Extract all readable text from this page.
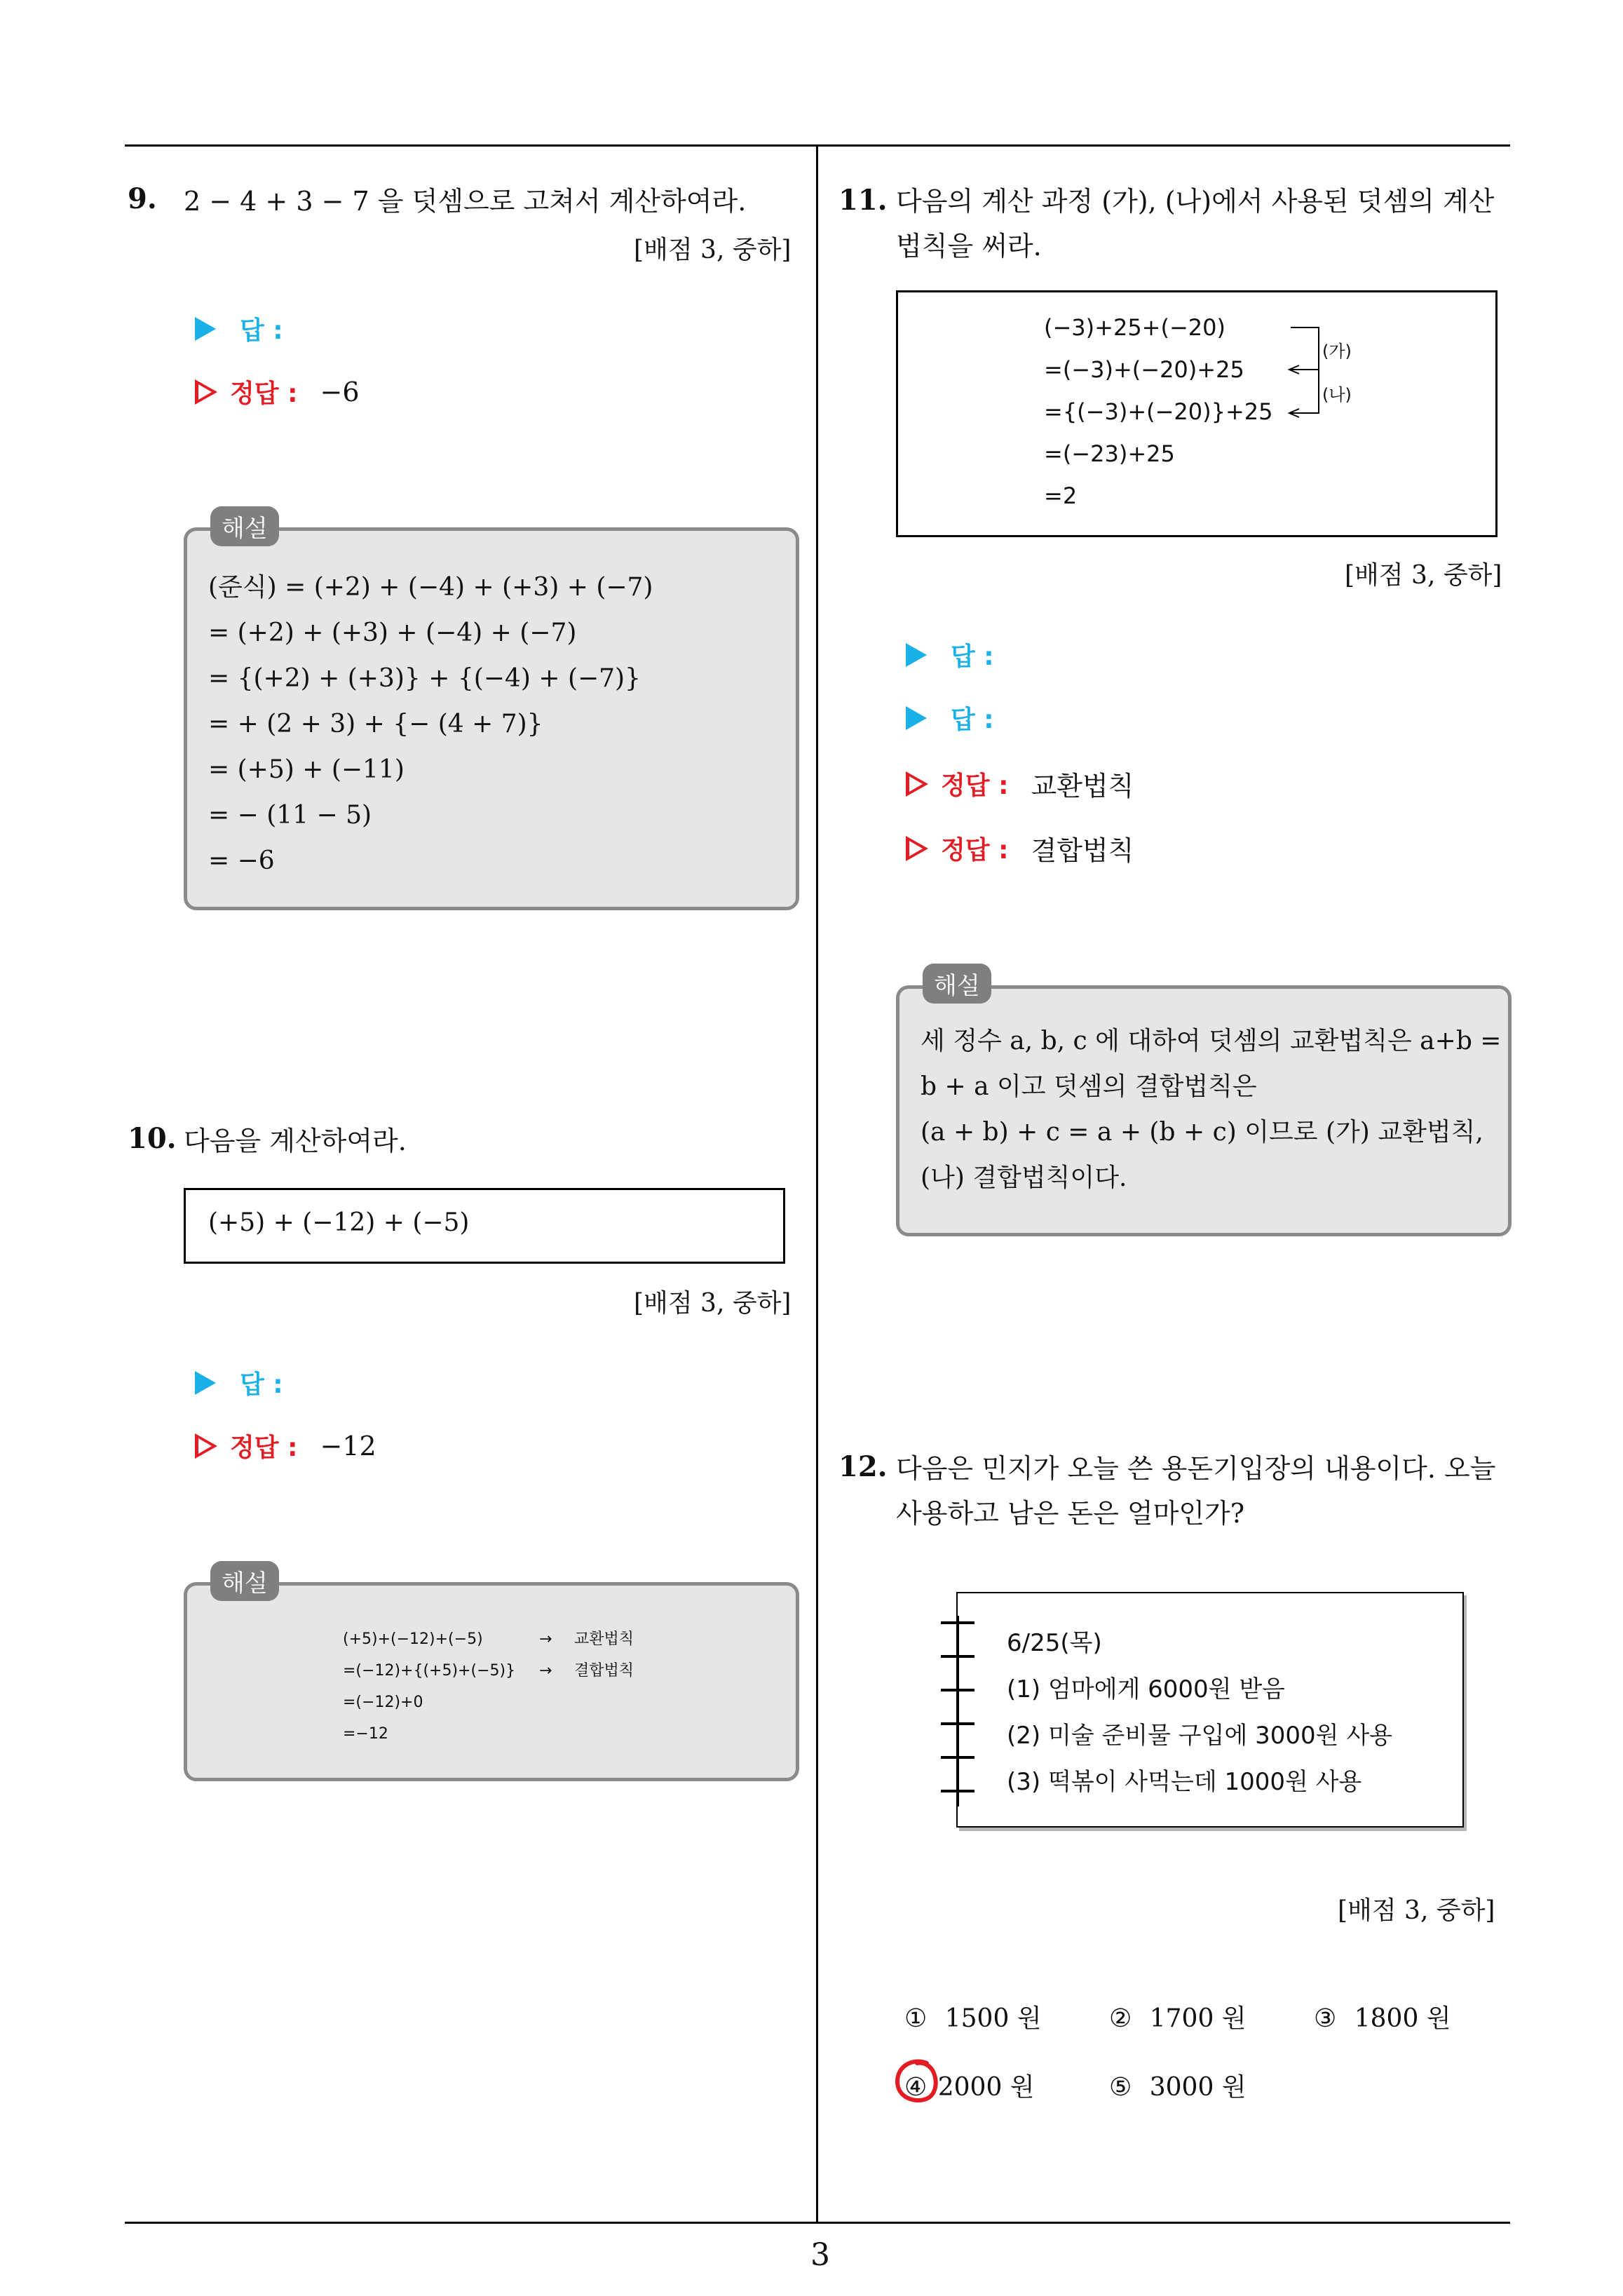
3
9. 2 − 4 + 3 − 7 을 덧셈으로 고쳐서 계산하여라.
[배점 3, 중하]
답 :
정답 : −6
(준식) = (+2) + (−4) + (+3) + (−7)
= (+2) + (+3) + (−4) + (−7)
= {(+2) + (+3)} + {(−4) + (−7)}
= + (2 + 3) + {− (4 + 7)}
= (+5) + (−11)
= − (11 − 5)
= −6
해설
10. 다음을 계산하여라.
(+5) + (−12) + (−5)
[배점 3, 중하]
답 :
정답 : −12
(+5)+(−12)+(−5)	→	교환법칙
=(−12)+{(+5)+(−5)}	→	결합법칙
=(−12)+0
=−12
해설
11. 다음의 계산 과정 (가), (나)에서 사용된 덧셈의 계산
법칙을 써라.
(−3)+25+(−20)
=(−3)+(−20)+25
={(−3)+(−20)}+25
=(−23)+25
=2
(가)
(나)
[배점 3, 중하]
답 :
답 :
정답 : 교환법칙
정답 : 결합법칙
세 정수 a, b, c 에 대하여 덧셈의 교환법칙은 a+b =
b + a 이고 덧셈의 결합법칙은
(a + b) + c = a + (b + c) 이므로 (가) 교환법칙,
(나) 결합법칙이다.
해설
12. 다음은 민지가 오늘 쓴 용돈기입장의 내용이다. 오늘
사용하고 남은 돈은 얼마인가?
6/25(목)
(1) 엄마에게 6000원 받음
(2) 미술 준비물 구입에 3000원 사용
(3) 떡볶이 사먹는데 1000원 사용
[배점 3, 중하]
① 1500 원	② 1700 원	③ 1800 원
④ 2000 원	⑤ 3000 원
